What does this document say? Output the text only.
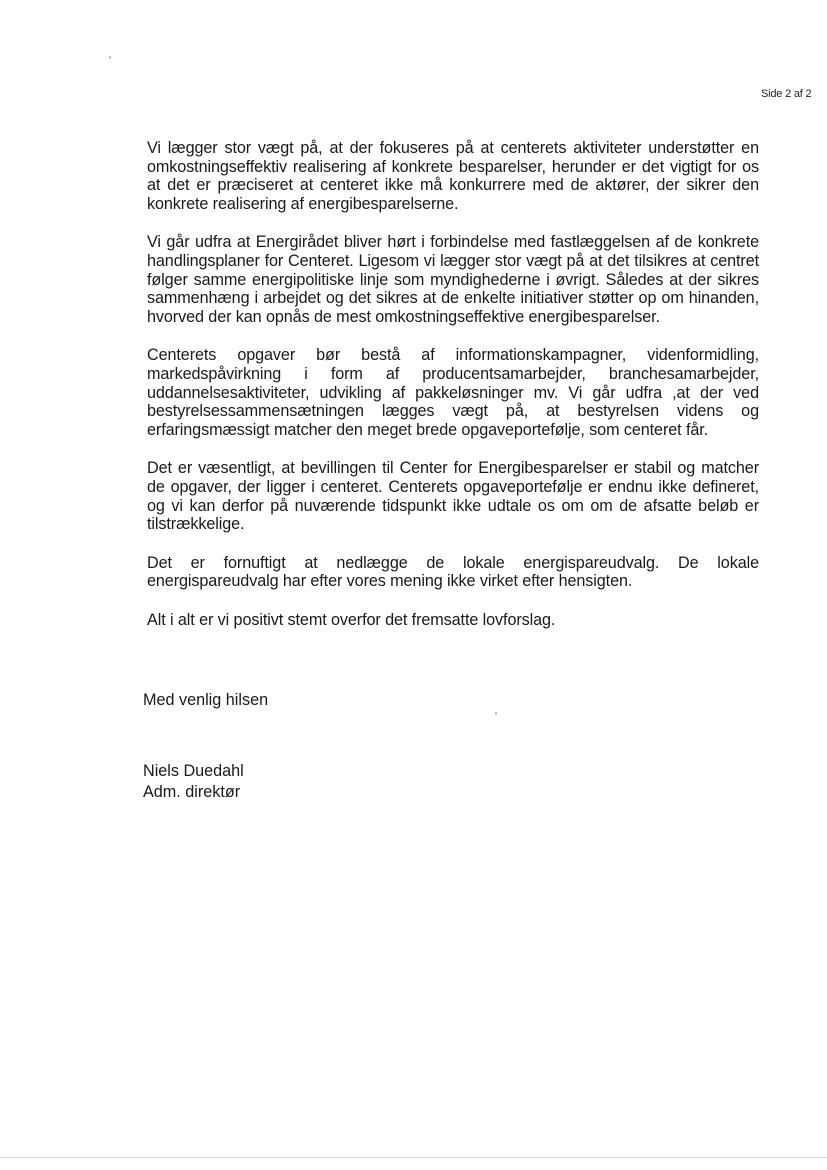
Side 2 af 2

Vi lægger stor vægt på, at der fokuseres på at centerets aktiviteter understøtter en omkostningseffektiv realisering af konkrete besparelser, herunder er det vigtigt for os at det er præciseret at centeret ikke må konkurrere med de aktører, der sikrer den konkrete realisering af energibesparelserne.

Vi går udfra at Energirådet bliver hørt i forbindelse med fastlæggelsen af de konkrete handlingsplaner for Centeret. Ligesom vi lægger stor vægt på at det tilsikres at centret følger samme energipolitiske linje som myndighederne i øvrigt. Således at der sikres sammenhæng i arbejdet og det sikres at de enkelte initiativer støtter op om hinanden, hvorved der kan opnås de mest omkostningseffektive energibesparelser.

Centerets opgaver bør bestå af informationskampagner, videnformidling, markedspåvirkning i form af producentsamarbejder, branchesamarbejder, uddannelsesaktiviteter, udvikling af pakkeløsninger mv. Vi går udfra ,at der ved bestyrelsessammensætningen lægges vægt på, at bestyrelsen videns og erfaringsmæssigt matcher den meget brede opgaveportefølje, som centeret får.

Det er væsentligt, at bevillingen til Center for Energibesparelser er stabil og matcher de opgaver, der ligger i centeret. Centerets opgaveportefølje er endnu ikke defineret, og vi kan derfor på nuværende tidspunkt ikke udtale os om om de afsatte beløb er tilstrækkelige.

Det er fornuftigt at nedlægge de lokale energispareudvalg. De lokale energispareudvalg har efter vores mening ikke virket efter hensigten.

Alt i alt er vi positivt stemt overfor det fremsatte lovforslag.

Med venlig hilsen
Niels Duedahl
Adm. direktør
